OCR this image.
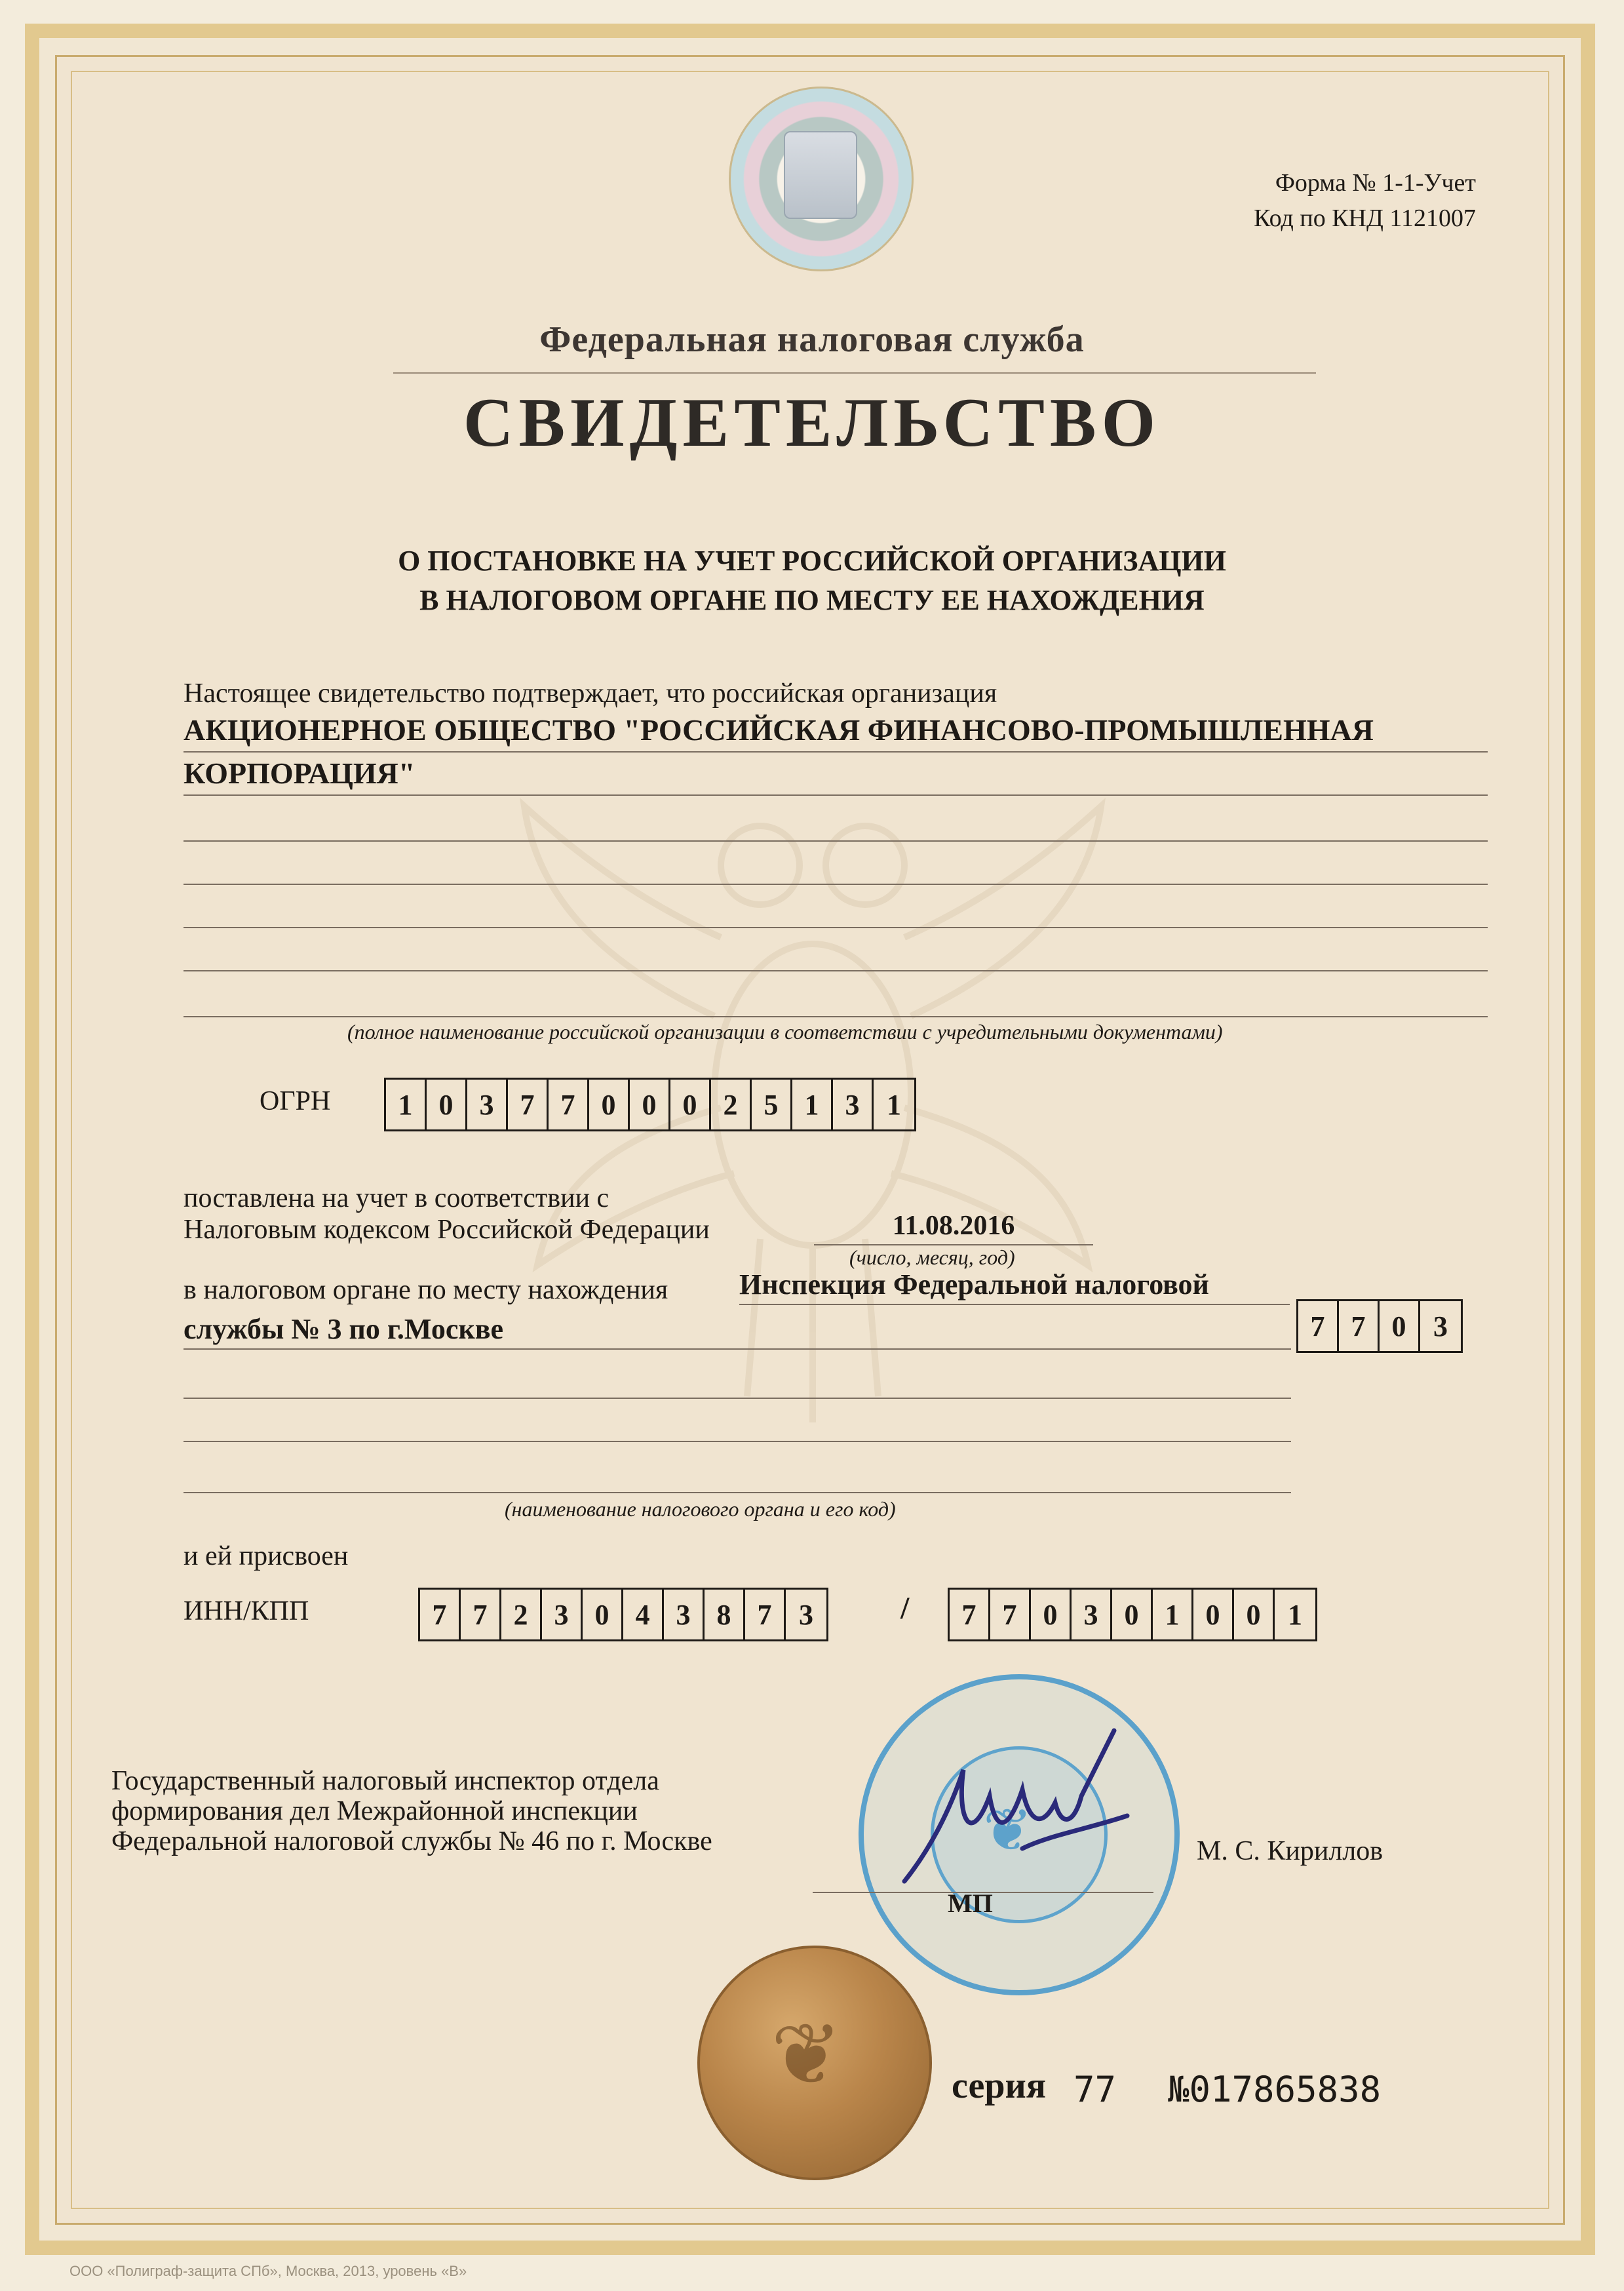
Форма № 1-1-Учет
Код по КНД 1121007
Федеральная налоговая служба
СВИДЕТЕЛЬСТВО
О ПОСТАНОВКЕ НА УЧЕТ РОССИЙСКОЙ ОРГАНИЗАЦИИ
В НАЛОГОВОМ ОРГАНЕ ПО МЕСТУ ЕЕ НАХОЖДЕНИЯ
Настоящее свидетельство подтверждает, что российская организация
АКЦИОНЕРНОЕ ОБЩЕСТВО "РОССИЙСКАЯ ФИНАНСОВО-ПРОМЫШЛЕННАЯ
КОРПОРАЦИЯ"
(полное наименование российской организации в соответствии с учредительными документами)
ОГРН	1 0 3 7 7 0 0 0 2 5 1 3 1
поставлена на учет в соответствии с
Налоговым кодексом Российской Федерации	11.08.2016
(число, месяц, год)
в налоговом органе по месту нахождения Инспекция Федеральной налоговой
службы № 3 по г.Москве	7 7 0 3
(наименование налогового органа и его код)
и ей присвоен
ИНН/КПП	7 7 2 3 0 4 3 8 7 3	/	7 7 0 3 0 1 0 0 1
❦
Государственный налоговый инспектор отдела
формирования дел Межрайонной инспекции
Федеральной налоговой службы № 46 по г. Москве	М. С. Кириллов
МП
❦	серия 77 №017865838
ООО «Полиграф-защита СПб», Москва, 2013, уровень «В»
